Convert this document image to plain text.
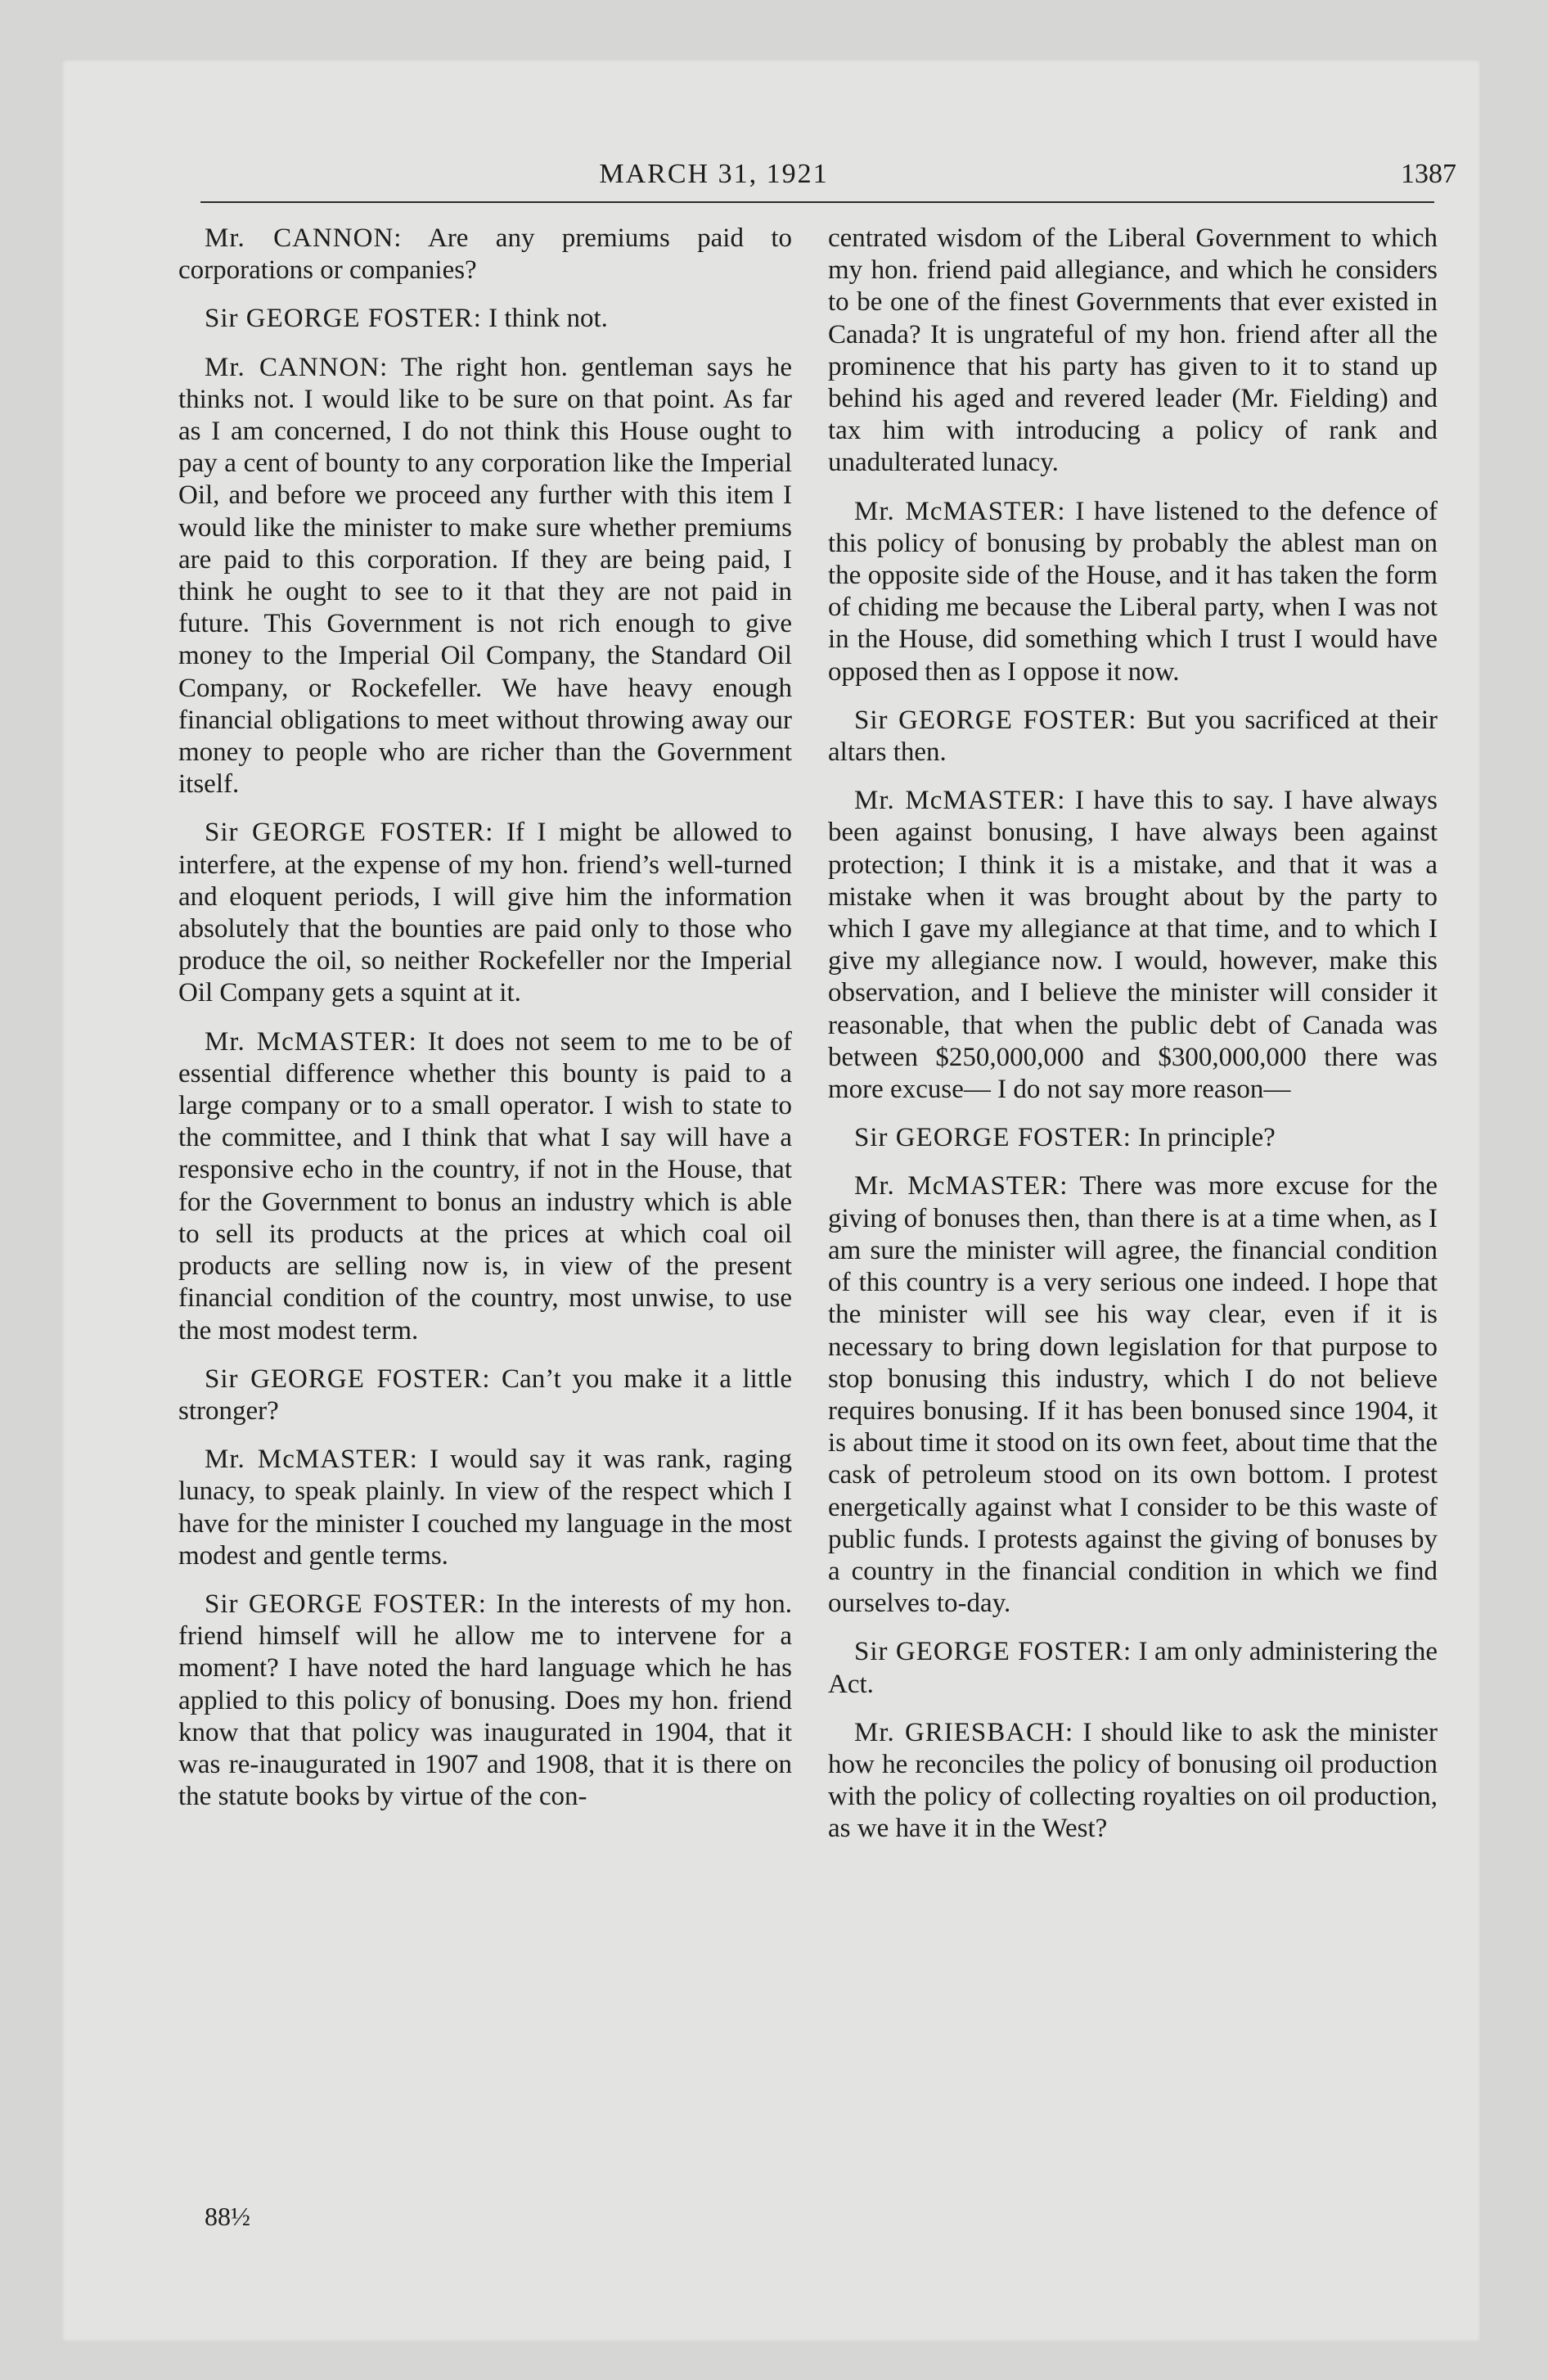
MARCH 31, 1921	1387

Mr. CANNON: Are any premiums paid to corporations or companies?

Sir GEORGE FOSTER: I think not.

Mr. CANNON: The right hon. gentleman says he thinks not. I would like to be sure on that point. As far as I am concerned, I do not think this House ought to pay a cent of bounty to any corporation like the Imperial Oil, and before we proceed any further with this item I would like the minister to make sure whether premiums are paid to this corporation. If they are being paid, I think he ought to see to it that they are not paid in future. This Government is not rich enough to give money to the Imperial Oil Company, the Standard Oil Company, or Rockefeller. We have heavy enough financial obligations to meet without throwing away our money to people who are richer than the Government itself.

Sir GEORGE FOSTER: If I might be allowed to interfere, at the expense of my hon. friend’s well-turned and eloquent periods, I will give him the information absolutely that the bounties are paid only to those who produce the oil, so neither Rockefeller nor the Imperial Oil Company gets a squint at it.

Mr. McMASTER: It does not seem to me to be of essential difference whether this bounty is paid to a large company or to a small operator. I wish to state to the committee, and I think that what I say will have a responsive echo in the country, if not in the House, that for the Government to bonus an industry which is able to sell its products at the prices at which coal oil products are selling now is, in view of the present financial condition of the country, most unwise, to use the most modest term.

Sir GEORGE FOSTER: Can’t you make it a little stronger?

Mr. McMASTER: I would say it was rank, raging lunacy, to speak plainly. In view of the respect which I have for the minister I couched my language in the most modest and gentle terms.

Sir GEORGE FOSTER: In the interests of my hon. friend himself will he allow me to intervene for a moment? I have noted the hard language which he has applied to this policy of bonusing. Does my hon. friend know that that policy was inaugurated in 1904, that it was re-inaugurated in 1907 and 1908, that it is there on the statute books by virtue of the con-

centrated wisdom of the Liberal Government to which my hon. friend paid allegiance, and which he considers to be one of the finest Governments that ever existed in Canada? It is ungrateful of my hon. friend after all the prominence that his party has given to it to stand up behind his aged and revered leader (Mr. Fielding) and tax him with introducing a policy of rank and unadulterated lunacy.

Mr. McMASTER: I have listened to the defence of this policy of bonusing by probably the ablest man on the opposite side of the House, and it has taken the form of chiding me because the Liberal party, when I was not in the House, did something which I trust I would have opposed then as I oppose it now.

Sir GEORGE FOSTER: But you sacrificed at their altars then.

Mr. McMASTER: I have this to say. I have always been against bonusing, I have always been against protection; I think it is a mistake, and that it was a mistake when it was brought about by the party to which I gave my allegiance at that time, and to which I give my allegiance now. I would, however, make this observation, and I believe the minister will consider it reasonable, that when the public debt of Canada was between $250,000,000 and $300,000,000 there was more excuse— I do not say more reason—

Sir GEORGE FOSTER: In principle?

Mr. McMASTER: There was more excuse for the giving of bonuses then, than there is at a time when, as I am sure the minister will agree, the financial condition of this country is a very serious one indeed. I hope that the minister will see his way clear, even if it is necessary to bring down legislation for that purpose to stop bonusing this industry, which I do not believe requires bonusing. If it has been bonused since 1904, it is about time it stood on its own feet, about time that the cask of petroleum stood on its own bottom. I protest energetically against what I consider to be this waste of public funds. I protests against the giving of bonuses by a country in the financial condition in which we find ourselves to-day.

Sir GEORGE FOSTER: I am only administering the Act.

Mr. GRIESBACH: I should like to ask the minister how he reconciles the policy of bonusing oil production with the policy of collecting royalties on oil production, as we have it in the West?

88½
